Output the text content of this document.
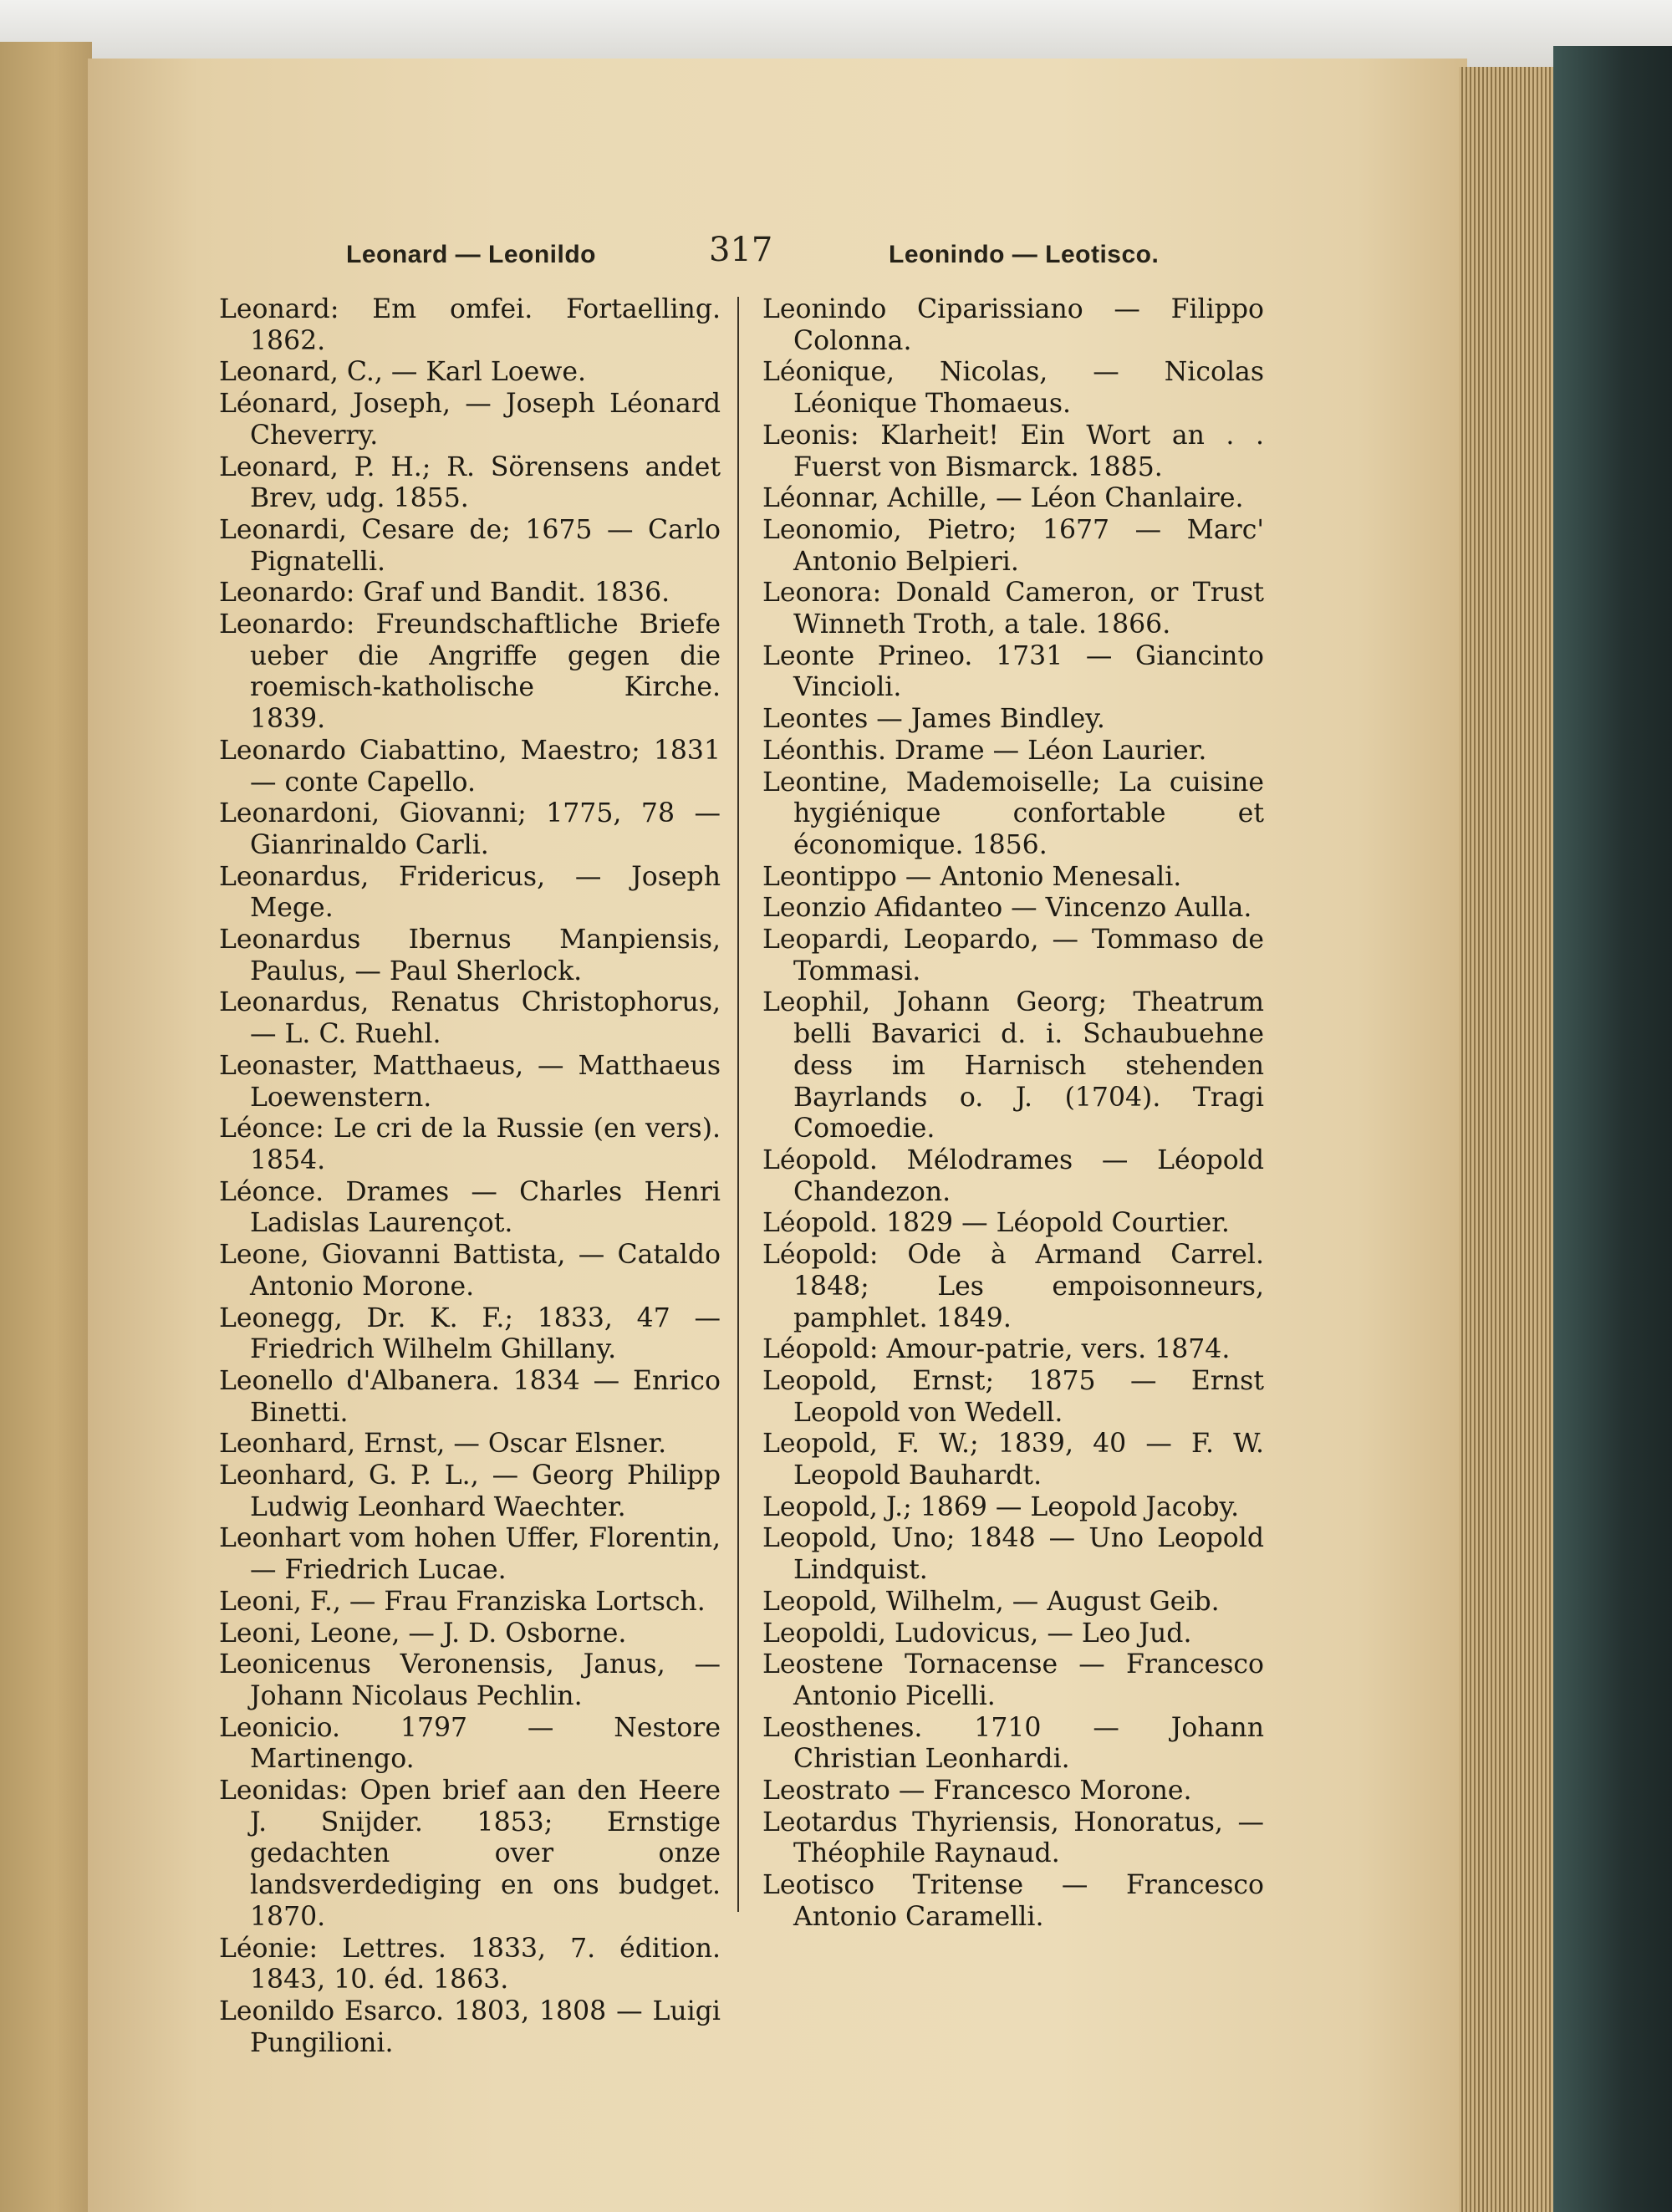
Leonard — Leonildo	317	Leonindo — Leotisco.

Leonard: Em omfei. Fortaelling. 1862.

Leonard, C., — Karl Loewe.

Léonard, Joseph, — Joseph Léonard Cheverry.

Leonard, P. H.; R. Sörensens andet Brev, udg. 1855.

Leonardi, Cesare de; 1675 — Carlo Pignatelli.

Leonardo: Graf und Bandit. 1836.

Leonardo: Freundschaftliche Briefe ueber die Angriffe gegen die roemisch-katholische Kirche. 1839.

Leonardo Ciabattino, Maestro; 1831 — conte Capello.

Leonardoni, Giovanni; 1775, 78 — Gianrinaldo Carli.

Leonardus, Fridericus, — Joseph Mege.

Leonardus Ibernus Manpiensis, Paulus, — Paul Sherlock.

Leonardus, Renatus Christophorus, — L. C. Ruehl.

Leonaster, Matthaeus, — Matthaeus Loewenstern.

Léonce: Le cri de la Russie (en vers). 1854.

Léonce. Drames — Charles Henri Ladislas Laurençot.

Leone, Giovanni Battista, — Cataldo Antonio Morone.

Leonegg, Dr. K. F.; 1833, 47 — Friedrich Wilhelm Ghillany.

Leonello d'Albanera. 1834 — Enrico Binetti.

Leonhard, Ernst, — Oscar Elsner.

Leonhard, G. P. L., — Georg Philipp Ludwig Leonhard Waechter.

Leonhart vom hohen Uffer, Florentin, — Friedrich Lucae.

Leoni, F., — Frau Franziska Lortsch.

Leoni, Leone, — J. D. Osborne.

Leonicenus Veronensis, Janus, — Johann Nicolaus Pechlin.

Leonicio. 1797 — Nestore Martinengo.

Leonidas: Open brief aan den Heere J. Snijder. 1853; Ernstige gedachten over onze landsverdediging en ons budget. 1870.

Léonie: Lettres. 1833, 7. édition. 1843, 10. éd. 1863.

Leonildo Esarco. 1803, 1808 — Luigi Pungilioni.

Leonindo Ciparissiano — Filippo Colonna.

Léonique, Nicolas, — Nicolas Léonique Thomaeus.

Leonis: Klarheit! Ein Wort an . . Fuerst von Bismarck. 1885.

Léonnar, Achille, — Léon Chanlaire.

Leonomio, Pietro; 1677 — Marc' Antonio Belpieri.

Leonora: Donald Cameron, or Trust Winneth Troth, a tale. 1866.

Leonte Prineo. 1731 — Giancinto Vincioli.

Leontes — James Bindley.

Léonthis. Drame — Léon Laurier.

Leontine, Mademoiselle; La cuisine hygiénique confortable et économique. 1856.

Leontippo — Antonio Menesali.

Leonzio Afidanteo — Vincenzo Aulla.

Leopardi, Leopardo, — Tommaso de Tommasi.

Leophil, Johann Georg; Theatrum belli Bavarici d. i. Schaubuehne dess im Harnisch stehenden Bayrlands o. J. (1704). Tragi Comoedie.

Léopold. Mélodrames — Léopold Chandezon.

Léopold. 1829 — Léopold Courtier.

Léopold: Ode à Armand Carrel. 1848; Les empoisonneurs, pamphlet. 1849.

Léopold: Amour-patrie, vers. 1874.

Leopold, Ernst; 1875 — Ernst Leopold von Wedell.

Leopold, F. W.; 1839, 40 — F. W. Leopold Bauhardt.

Leopold, J.; 1869 — Leopold Jacoby.

Leopold, Uno; 1848 — Uno Leopold Lindquist.

Leopold, Wilhelm, — August Geib.

Leopoldi, Ludovicus, — Leo Jud.

Leostene Tornacense — Francesco Antonio Picelli.

Leosthenes. 1710 — Johann Christian Leonhardi.

Leostrato — Francesco Morone.

Leotardus Thyriensis, Honoratus, — Théophile Raynaud.

Leotisco Tritense — Francesco Antonio Caramelli.
